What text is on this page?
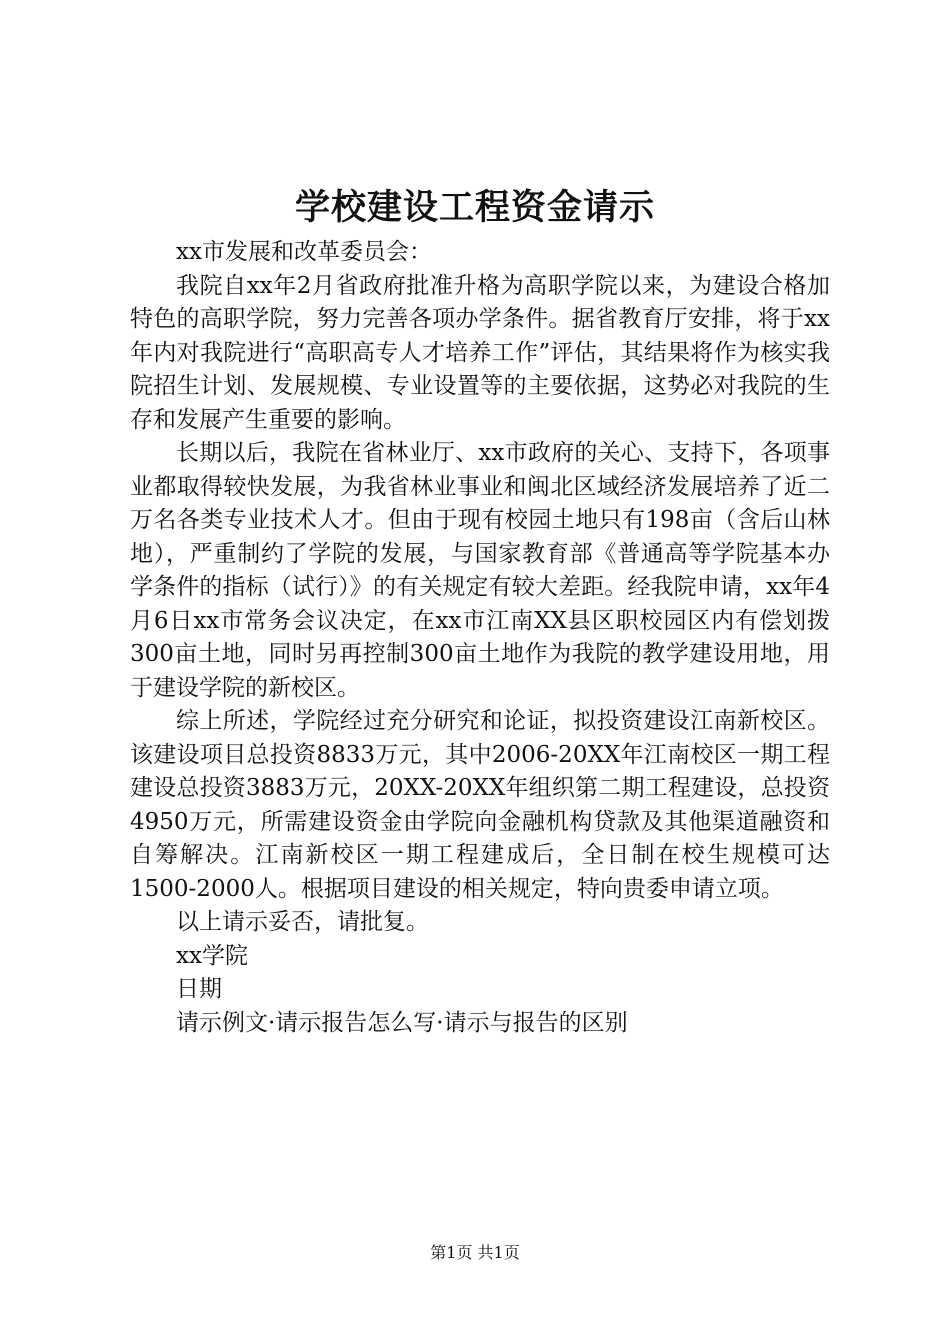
学校建设工程资金请示

xx市发展和改革委员会：

我院自xx年2月省政府批准升格为高职学院以来，为建设合格加特色的高职学院，努力完善各项办学条件。据省教育厅安排，将于xx年内对我院进行“高职高专人才培养工作”评估，其结果将作为核实我院招生计划、发展规模、专业设置等的主要依据，这势必对我院的生存和发展产生重要的影响。

长期以后，我院在省林业厅、xx市政府的关心、支持下，各项事业都取得较快发展，为我省林业事业和闽北区域经济发展培养了近二万名各类专业技术人才。但由于现有校园土地只有198亩（含后山林地），严重制约了学院的发展，与国家教育部《普通高等学院基本办学条件的指标（试行）》的有关规定有较大差距。经我院申请，xx年4月6日xx市常务会议决定，在xx市江南XX县区职校园区内有偿划拨300亩土地，同时另再控制300亩土地作为我院的教学建设用地，用于建设学院的新校区。

综上所述，学院经过充分研究和论证，拟投资建设江南新校区。该建设项目总投资8833万元，其中2006-20XX年江南校区一期工程建设总投资3883万元，20XX-20XX年组织第二期工程建设，总投资4950万元，所需建设资金由学院向金融机构贷款及其他渠道融资和自筹解决。江南新校区一期工程建成后，全日制在校生规模可达1500-2000人。根据项目建设的相关规定，特向贵委申请立项。

以上请示妥否，请批复。

xx学院

日期

请示例文·请示报告怎么写·请示与报告的区别

第1页 共1页
